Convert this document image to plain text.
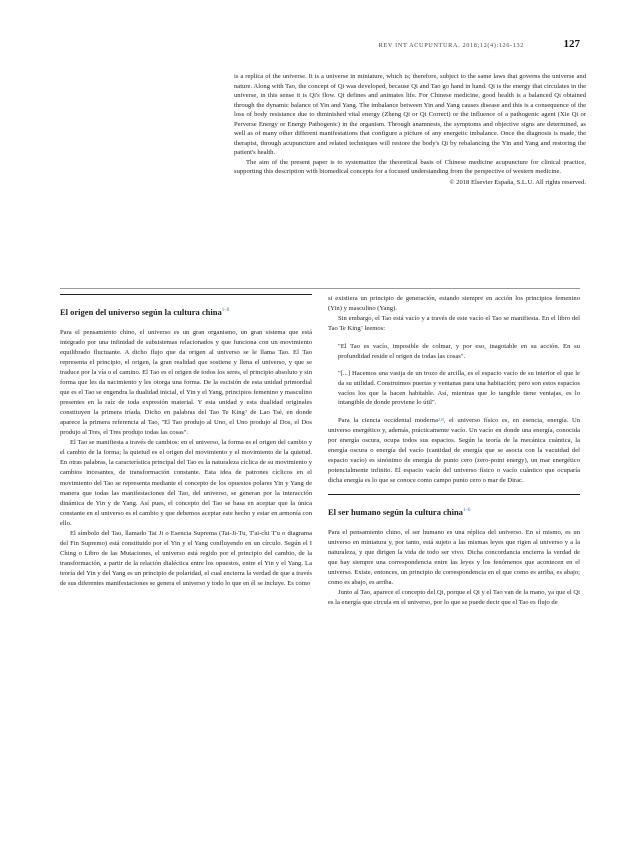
REV INT ACUPUNTURA. 2018;12(4):126-132	127

is a replica of the universe. It is a universe in miniature, which is; therefore, subject to the same laws that governs the universe and nature. Along with Tao, the concept of Qi was developed, because Qi and Tao go hand in hand. Qi is the energy that circulates in the universe, in this sense it is Qi's flow. Qi defines and animates life. For Chinese medicine, good health is a balanced Qi obtained through the dynamic balance of Yin and Yang. The imbalance between Yin and Yang causes disease and this is a consequence of the loss of body resistance due to diminished vital energy (Zheng Qi or Qi Correct) or the influence of a pathogenic agent (Xie Qi or Perverse Energy or Energy Pathogenic) in the organism. Through anamnesis, the symptoms and objective signs are determined, as well as of many other different manifestations that configure a picture of any energetic imbalance. Once the diagnosis is made, the therapist, through acupuncture and related techniques will restore the body's Qi by rebalancing the Yin and Yang and restoring the patient's health.

The aim of the present paper is to systematize the theoretical basis of Chinese medicine acupuncture for clinical practice, supporting this description with biomedical concepts for a focused understanding from the perspective of western medicine.

© 2018 Elsevier España, S.L.U. All rights reserved.
El origen del universo según la cultura china$^{1-6}$

Para el pensamiento chino, el universo es un gran organismo, un gran sistema que está integrado por una infinidad de subsistemas relacionados y que funciona con un movimiento equilibrado fluctuante. A dicho flujo que da origen al universo se le llama Tao. El Tao representa el principio, el origen, la gran realidad que sostiene y llena el universo, y que se traduce por la vía o el camino. El Tao es el origen de todos los seres, el principio absoluto y sin forma que les da nacimiento y les otorga una forma. De la escisión de esta unidad primordial que es el Tao se engendra la dualidad inicial, el Yin y el Yang, principios femenino y masculino presentes en la raíz de toda expresión material. Y esta unidad y esta dualidad originales constituyen la primera tríada. Dicho en palabras del Tao Te King$^7$ de Lao Tsé, en donde aparece la primera referencia al Tao, "El Tao produjo al Uno, el Uno produjo al Dos, el Dos produjo al Tres, el Tres produjo todas las cosas".

El Tao se manifiesta a través de cambios: en el universo, la forma es el origen del cambio y el cambio de la forma; la quietud es el origen del movimiento y el movimiento de la quietud. En otras palabras, la característica principal del Tao es la naturaleza cíclica de su movimiento y cambios incesantes, de transformación constante. Esta idea de patrones cíclicos en el movimiento del Tao se representa mediante el concepto de los opuestos polares Yin y Yang de manera que todas las manifestaciones del Tao, del universo, se generan por la interacción dinámica de Yin y de Yang. Así pues, el concepto del Tao se basa en aceptar que la única constante en el universo es el cambio y que debemos aceptar este hecho y estar en armonía con ello.

El símbolo del Tao, llamado Tai Ji o Esencia Suprema (Tai-Ji-Tu, T'ai-chi T'u o diagrama del Fin Supremo) está constituido por el Yin y el Yang confluyendo en un círculo. Según el I Ching o Libro de las Mutaciones, el universo está regido por el principio del cambio, de la transformación, a partir de la relación dialéctica entre los opuestos, entre el Yin y el Yang. La teoría del Yin y del Yang es un principio de polaridad, el cual encierra la verdad de que a través de sus diferentes manifestaciones se genera el universo y todo lo que en él se incluye. Es como

si existiera un principio de generación, estando siempre en acción los principios femenino (Yin) y masculino (Yang).

Sin embargo, el Tao está vacío y a través de este vacío el Tao se manifiesta. En el libro del Tao Te King$^7$ leemos:

"El Tao es vacío, imposible de colmar, y por eso, inagotable en su acción. En su profundidad reside el origen de todas las cosas".

"[...] Hacemos una vasija de un trozo de arcilla, es el espacio vacío de su interior el que le da su utilidad. Construimos puertas y ventanas para una habitación; pero son estos espacios vacíos los que la hacen habitable. Así, mientras que lo tangible tiene ventajas, es lo intangible de donde proviene lo útil".

Para la ciencia occidental moderna$^{2,8}$, el universo físico es, en esencia, energía. Un universo energético y, además, prácticamente vacío. Un vacío en donde una energía, conocida por energía oscura, ocupa todos sus espacios. Según la teoría de la mecánica cuántica, la energía oscura o energía del vacío (cantidad de energía que se asocia con la vacuidad del espacio vacío) es sinónimo de energía de punto cero (zero-point energy), un mar energético potencialmente infinito. El espacio vacío del universo físico o vacío cuántico que ocuparía dicha energía es lo que se conoce como campo punto cero o mar de Dirac.

El ser humano según la cultura china$^{1-6}$

Para el pensamiento chino, el ser humano es una réplica del universo. En sí mismo, es un universo en miniatura y, por tanto, está sujeto a las mismas leyes que rigen al universo y a la naturaleza, y que dirigen la vida de todo ser vivo. Dicha concordancia encierra la verdad de que hay siempre una correspondencia entre las leyes y los fenómenos que acontecen en el universo. Existe, entonces, un principio de correspondencia en el que como es arriba, es abajo; como es abajo, es arriba.

Junto al Tao, aparece el concepto del Qi, porque el Qi y el Tao van de la mano, ya que el Qi es la energía que circula en el universo, por lo que se puede decir que el Tao es flujo de
